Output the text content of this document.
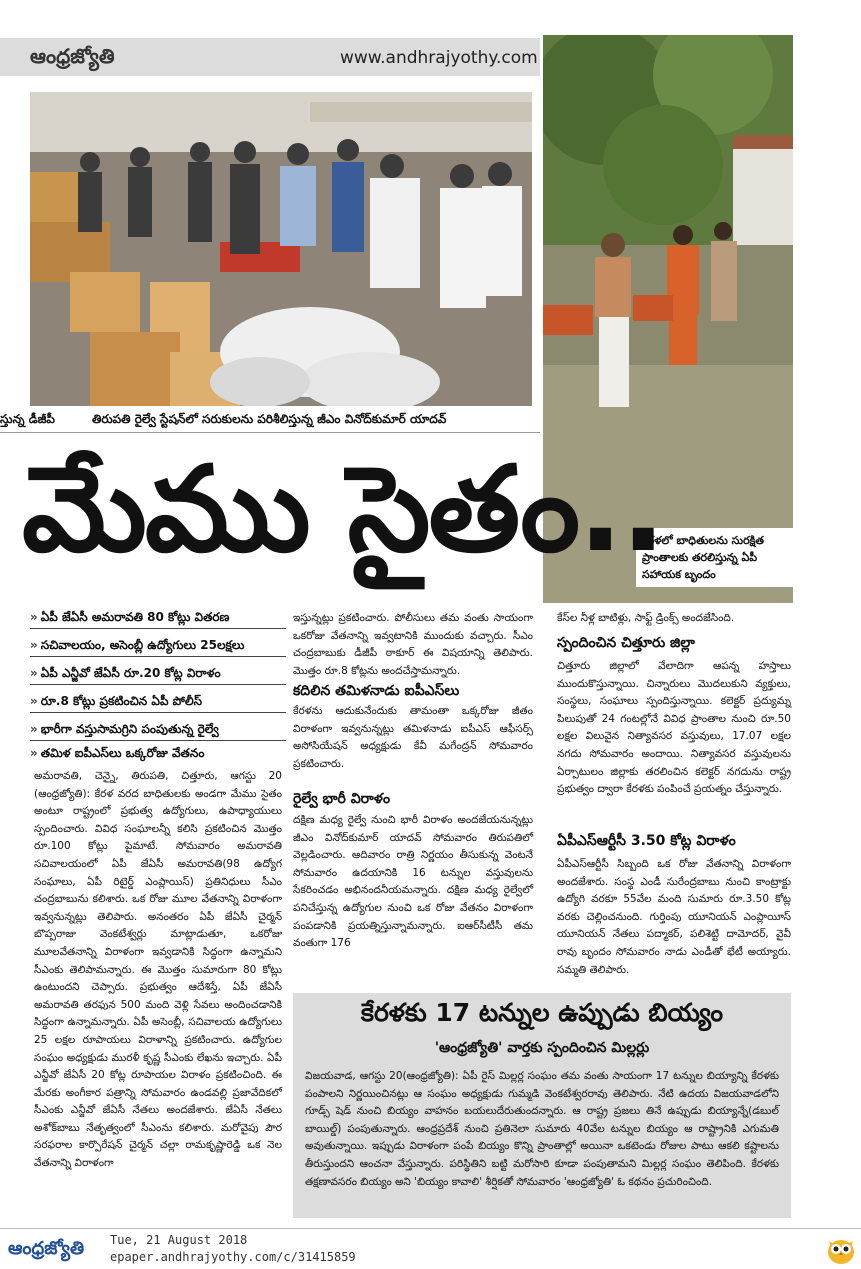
ఆంధ్రజ్యోతి	www.andhrajyothy.com
స్తున్న డీజీపీ	తిరుపతి రైల్వే స్టేషన్‌లో సరుకులను పరిశీలిస్తున్న జీఎం వినోద్‌కుమార్ యాదవ్
కేరళలో బాధితులను సురక్షిత ప్రాంతాలకు తరలిస్తున్న ఏపీ సహాయక బృందం
మేము సైతం..
» ఏపీ జేఏసీ అమరావతి 80 కోట్లు వితరణ
» సచివాలయం, అసెంబ్లీ ఉద్యోగులు 25లక్షలు
» ఏపీ ఎన్జీవో జేఏసీ రూ.20 కోట్ల విరాళం
» రూ.8 కోట్లు ప్రకటించిన ఏపీ పోలీస్
» భారీగా వస్తుసామగ్రిని పంపుతున్న రైల్వే
» తమిళ ఐపీఎస్‌లు ఒక్కరోజు వేతనం
అమరావతి, చెన్నై, తిరుపతి, చిత్తూరు, ఆగస్టు 20 (ఆంధ్రజ్యోతి): కేరళ వరద బాధితులకు అండగా మేము సైతం అంటూ రాష్ట్రంలో ప్రభుత్వ ఉద్యోగులు, ఉపాధ్యాయులు స్పందించారు. వివిధ సంఘాలన్నీ కలిసి ప్రకటించిన మొత్తం రూ.100 కోట్లు పైమాటే. సోమవారం అమరావతి సచివాలయంలో ఏపీ జేఏసీ అమరావతి(98 ఉద్యోగ సంఘాలు, ఏపీ రిటైర్డ్ ఎంప్లాయిస్) ప్రతినిధులు సీఎం చంద్రబాబును కలిశారు. ఒక రోజు మూల వేతనాన్ని విరాళంగా ఇవ్వనున్నట్లు తెలిపారు. అనంతరం ఏపీ జేఏసీ చైర్మన్ బొప్పరాజు వెంకటేశ్వర్లు మాట్లాడుతూ, ఒకరోజు మూలవేతనాన్ని విరాళంగా ఇవ్వడానికి సిద్ధంగా ఉన్నామని సీఎంకు తెలిపామన్నారు. ఈ మొత్తం సుమారుగా 80 కోట్లు ఉంటుందని చెప్పారు. ప్రభుత్వం ఆదేశిస్తే, ఏపీ జేఏసీ అమరావతి తరఫున 500 మంది వెళ్లి సేవలు అందించడానికి సిద్ధంగా ఉన్నామన్నారు. ఏపీ అసెంబ్లీ, సచివాలయ ఉద్యోగులు 25 లక్షల రూపాయలు విరాళాన్ని ప్రకటించారు. ఉద్యోగుల సంఘం అధ్యక్షుడు మురళీ కృష్ణ సీఎంకు లేఖను ఇచ్చారు. ఏపీ ఎన్జీవో జేఏసీ 20 కోట్ల రూపాయల విరాళం ప్రకటించింది. ఈ మేరకు అంగీకార పత్రాన్ని సోమవారం ఉండవల్లి ప్రజావేదికలో సీఎంకు ఎన్జీవో జేఏసీ నేతలు అందజేశారు. జేఏసీ నేతలు అశోక్‌బాబు నేతృత్వంలో సీఎంను కలిశారు. మరోవైపు పౌర సరఫరాల కార్పొరేషన్ చైర్మన్ చల్లా రామకృష్ణారెడ్డి ఒక నెల వేతనాన్ని విరాళంగా
ఇస్తున్నట్లు ప్రకటించారు. పోలీసులు తమ వంతు సాయంగా ఒకరోజు వేతనాన్ని ఇవ్వటానికి ముందుకు వచ్చారు. సీఎం చంద్రబాబుకు డీజీపీ ఠాకూర్ ఈ విషయాన్ని తెలిపారు. మొత్తం రూ.8 కోట్లను అందచేస్తామన్నారు.
కదిలిన తమిళనాడు ఐపీఎస్‌లు
కేరళను ఆదుకునేందుకు తామంతా ఒక్కరోజు జీతం విరాళంగా ఇవ్వనున్నట్లు తమిళనాడు ఐపీఎస్ ఆఫీసర్స్ అసోసియేషన్ అధ్యక్షుడు కేవీ మగేంద్రన్ సోమవారం ప్రకటించారు.
రైల్వే భారీ విరాళం
దక్షిణ మధ్య రైల్వే నుంచి భారీ విరాళం అందజేయనున్నట్లు జీఎం వినోద్‌కుమార్ యాదవ్ సోమవారం తిరుపతిలో వెల్లడించారు. ఆదివారం రాత్రి నిర్ణయం తీసుకున్న వెంటనే సోమవారం ఉదయానికి 16 టన్నుల వస్తువులను సేకరించడం అభినందనీయమన్నారు. దక్షిణ మధ్య రైల్వేలో పనిచేస్తున్న ఉద్యోగుల నుంచి ఒక రోజు వేతనం విరాళంగా పంపడానికి ప్రయత్నిస్తున్నామన్నారు. ఐఆర్‌సీటీసీ తమ వంతుగా 176
కేస్‌ల నీళ్ల బాటిళ్లు, సాఫ్ట్ డ్రింక్స్ అందజేసింది.
స్పందించిన చిత్తూరు జిల్లా
చిత్తూరు జిల్లాలో వేలాదిగా ఆపన్న హస్తాలు ముందుకొస్తున్నాయి. చిన్నారులు మొదలుకుని వ్యక్తులు, సంస్థలు, సంఘాలు స్పందిస్తున్నాయి. కలెక్టర్ ప్రద్యుమ్న పిలుపుతో 24 గంటల్లోనే వివిధ ప్రాంతాల నుంచి రూ.50 లక్షల విలువైన నిత్యావసర వస్తువులు, 17.07 లక్షల నగదు సోమవారం అందాయి. నిత్యావసర వస్తువులను ఏర్పాటులం జిల్లాకు తరలించిన కలెక్టర్ నగదును రాష్ట్ర ప్రభుత్వం ద్వారా కేరళకు పంపించే ప్రయత్నం చేస్తున్నారు.
ఏపీఎస్‌ఆర్టీసీ 3.50 కోట్ల విరాళం
ఏపీఎస్‌ఆర్టీసీ సిబ్బంది ఒక రోజు వేతనాన్ని విరాళంగా అందజేశారు. సంస్థ ఎండీ సురేంద్రబాబు నుంచి కాంట్రాక్టు ఉద్యోగి వరకూ 55వేల మంది సుమారు రూ.3.50 కోట్ల వరకు చెల్లించనుంది. గుర్తింపు యూనియన్ ఎంప్లాయీస్ యూనియన్ నేతలు పద్మాకర్, పలిశెట్టి దామోదర్, వైవీ రావు బృందం సోమవారం నాడు ఎండీతో భేటీ అయ్యారు. సమ్మతి తెలిపారు.
కేరళకు 17 టన్నుల ఉప్పుడు బియ్యం
'ఆంధ్రజ్యోతి' వార్తకు స్పందించిన మిల్లర్లు
విజయవాడ, ఆగస్టు 20(ఆంధ్రజ్యోతి): ఏపీ రైస్ మిల్లర్ల సంఘం తమ వంతు సాయంగా 17 టన్నుల బియ్యాన్ని కేరళకు పంపాలని నిర్ణయించినట్లు ఆ సంఘం అధ్యక్షుడు గుమ్మడి వెంకటేశ్వరరావు తెలిపారు. నేటి ఉదయ విజయవాడలోని గూడ్స్ షెడ్ నుంచి బియ్యం వాహనం బయలుదేరుతుందన్నారు. ఆ రాష్ట్ర ప్రజలు తినే ఉప్పుడు బియ్యాన్నే(డబుల్ బాయిల్డ్) పంపుతున్నారు. ఆంధ్రప్రదేశ్ నుంచి ప్రతినెలా సుమారు 40వేల టన్నుల బియ్యం ఆ రాష్ట్రానికి ఎగుమతి అవుతున్నాయి. ఇప్పుడు విరాళంగా పంపే బియ్యం కొన్ని ప్రాంతాల్లో అయినా ఒకటెండు రోజుల పాటు ఆకలి కష్టాలను తీరుస్తుందని ఆంచనా వేస్తున్నారు. పరిస్థితిని బట్టి మరోసారి కూడా పంపుతామని మిల్లర్ల సంఘం తెలిపింది. కేరళకు తక్షణావసరం బియ్యం అని 'బియ్యం కావాలి' శీర్షికతో సోమవారం 'ఆంధ్రజ్యోతి' ఓ కథనం ప్రచురించింది.
ఆంధ్రజ్యోతి Tue, 21 August 2018
epaper.andhrajyothy.com/c/31415859
